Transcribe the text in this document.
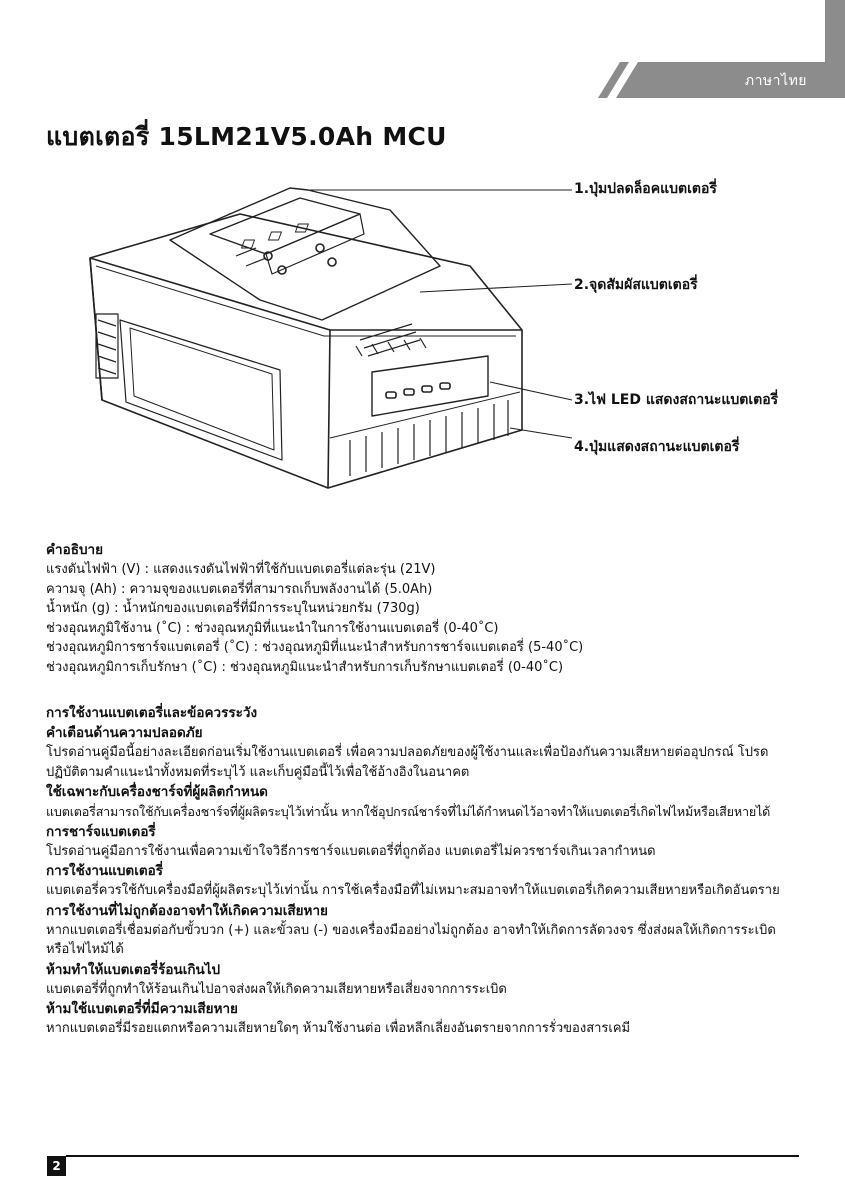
ภาษาไทย
แบตเตอรี่ 15LM21V5.0Ah MCU
1.ปุ่มปลดล็อคแบตเตอรี่
2.จุดสัมผัสแบตเตอรี่
3.ไฟ LED แสดงสถานะแบตเตอรี่
4.ปุ่มแสดงสถานะแบตเตอรี่

คำอธิบาย

แรงดันไฟฟ้า (V) : แสดงแรงดันไฟฟ้าที่ใช้กับแบตเตอรี่แต่ละรุ่น (21V)

ความจุ (Ah) : ความจุของแบตเตอรี่ที่สามารถเก็บพลังงานได้ (5.0Ah)

น้ำหนัก (g) : น้ำหนักของแบตเตอรี่ที่มีการระบุในหน่วยกรัม (730g)

ช่วงอุณหภูมิใช้งาน (˚C) : ช่วงอุณหภูมิที่แนะนำในการใช้งานแบตเตอรี่ (0-40˚C)

ช่วงอุณหภูมิการชาร์จแบตเตอรี่ (˚C) : ช่วงอุณหภูมิที่แนะนำสำหรับการชาร์จแบตเตอรี่ (5-40˚C)

ช่วงอุณหภูมิการเก็บรักษา (˚C) : ช่วงอุณหภูมิแนะนำสำหรับการเก็บรักษาแบตเตอรี่ (0-40˚C)

การใช้งานแบตเตอรี่และข้อควรระวัง

คำเตือนด้านความปลอดภัย

โปรดอ่านคู่มือนี้อย่างละเอียดก่อนเริ่มใช้งานแบตเตอรี่ เพื่อความปลอดภัยของผู้ใช้งานและเพื่อป้องกันความเสียหายต่ออุปกรณ์ โปรด

ปฏิบัติตามคำแนะนำทั้งหมดที่ระบุไว้ และเก็บคู่มือนี้ไว้เพื่อใช้อ้างอิงในอนาคต

ใช้เฉพาะกับเครื่องชาร์จที่ผู้ผลิตกำหนด

แบตเตอรี่สามารถใช้กับเครื่องชาร์จที่ผู้ผลิตระบุไว้เท่านั้น หากใช้อุปกรณ์ชาร์จที่ไม่ได้กำหนดไว้อาจทำให้แบตเตอรี่เกิดไฟไหม้หรือเสียหายได้

การชาร์จแบตเตอรี่

โปรดอ่านคู่มือการใช้งานเพื่อความเข้าใจวิธีการชาร์จแบตเตอรี่ที่ถูกต้อง แบตเตอรี่ไม่ควรชาร์จเกินเวลากำหนด

การใช้งานแบตเตอรี่

แบตเตอรี่ควรใช้กับเครื่องมือที่ผู้ผลิตระบุไว้เท่านั้น การใช้เครื่องมือที่ไม่เหมาะสมอาจทำให้แบตเตอรี่เกิดความเสียหายหรือเกิดอันตราย

การใช้งานที่ไม่ถูกต้องอาจทำให้เกิดความเสียหาย

หากแบตเตอรี่เชื่อมต่อกับขั้วบวก (+) และขั้วลบ (-) ของเครื่องมืออย่างไม่ถูกต้อง อาจทำให้เกิดการลัดวงจร ซึ่งส่งผลให้เกิดการระเบิด

หรือไฟไหม้ได้

ห้ามทำให้แบตเตอรี่ร้อนเกินไป

แบตเตอรี่ที่ถูกทำให้ร้อนเกินไปอาจส่งผลให้เกิดความเสียหายหรือเสี่ยงจากการระเบิด

ห้ามใช้แบตเตอรี่ที่มีความเสียหาย

หากแบตเตอรี่มีรอยแตกหรือความเสียหายใดๆ ห้ามใช้งานต่อ เพื่อหลีกเลี่ยงอันตรายจากการรั่วของสารเคมี

2
